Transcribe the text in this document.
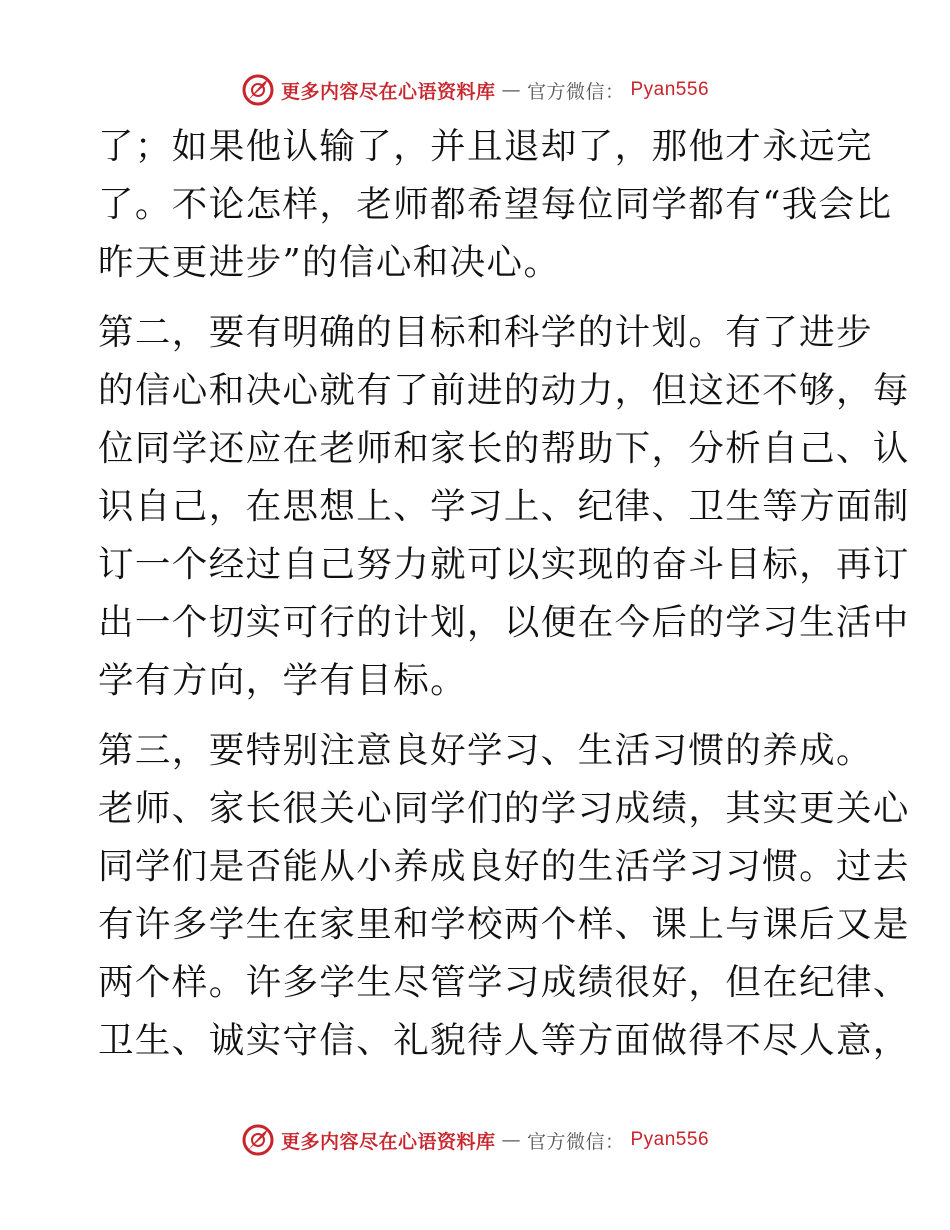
更多内容尽在心语资料库 — 官方微信： Pyan556
了；如果他认输了，并且退却了，那他才永远完
了。不论怎样，老师都希望每位同学都有“我会比
昨天更进步”的信心和决心。
第二，要有明确的目标和科学的计划。有了进步
的信心和决心就有了前进的动力，但这还不够，每
位同学还应在老师和家长的帮助下，分析自己、认
识自己，在思想上、学习上、纪律、卫生等方面制
订一个经过自己努力就可以实现的奋斗目标，再订
出一个切实可行的计划，以便在今后的学习生活中
学有方向，学有目标。
第三，要特别注意良好学习、生活习惯的养成。
老师、家长很关心同学们的学习成绩，其实更关心
同学们是否能从小养成良好的生活学习习惯。过去
有许多学生在家里和学校两个样、课上与课后又是
两个样。许多学生尽管学习成绩很好，但在纪律、
卫生、诚实守信、礼貌待人等方面做得不尽人意，
更多内容尽在心语资料库 — 官方微信： Pyan556
